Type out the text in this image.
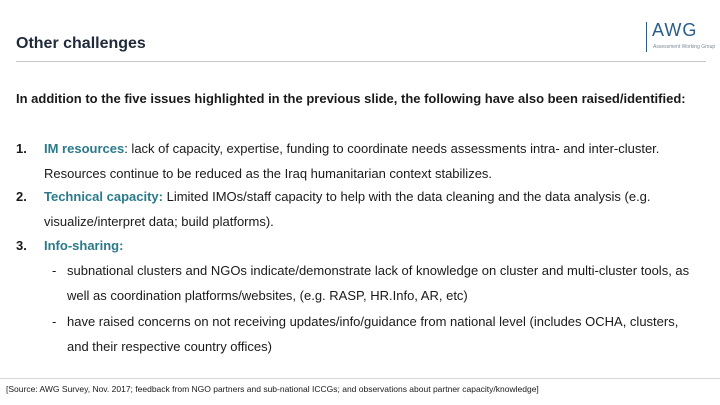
Other challenges
AWG
Assessment Working Group
In addition to the five issues highlighted in the previous slide, the following have also been raised/identified:
1. IM resources: lack of capacity, expertise, funding to coordinate needs assessments intra- and inter-cluster. Resources continue to be reduced as the Iraq humanitarian context stabilizes.
2. Technical capacity: Limited IMOs/staff capacity to help with the data cleaning and the data analysis (e.g. visualize/interpret data; build platforms).
3. Info-sharing:
- subnational clusters and NGOs indicate/demonstrate lack of knowledge on cluster and multi-cluster tools, as well as coordination platforms/websites, (e.g. RASP, HR.Info, AR, etc)
- have raised concerns on not receiving updates/info/guidance from national level (includes OCHA, clusters, and their respective country offices)
[Source: AWG Survey, Nov. 2017; feedback from NGO partners and sub-national ICCGs; and observations about partner capacity/knowledge]
